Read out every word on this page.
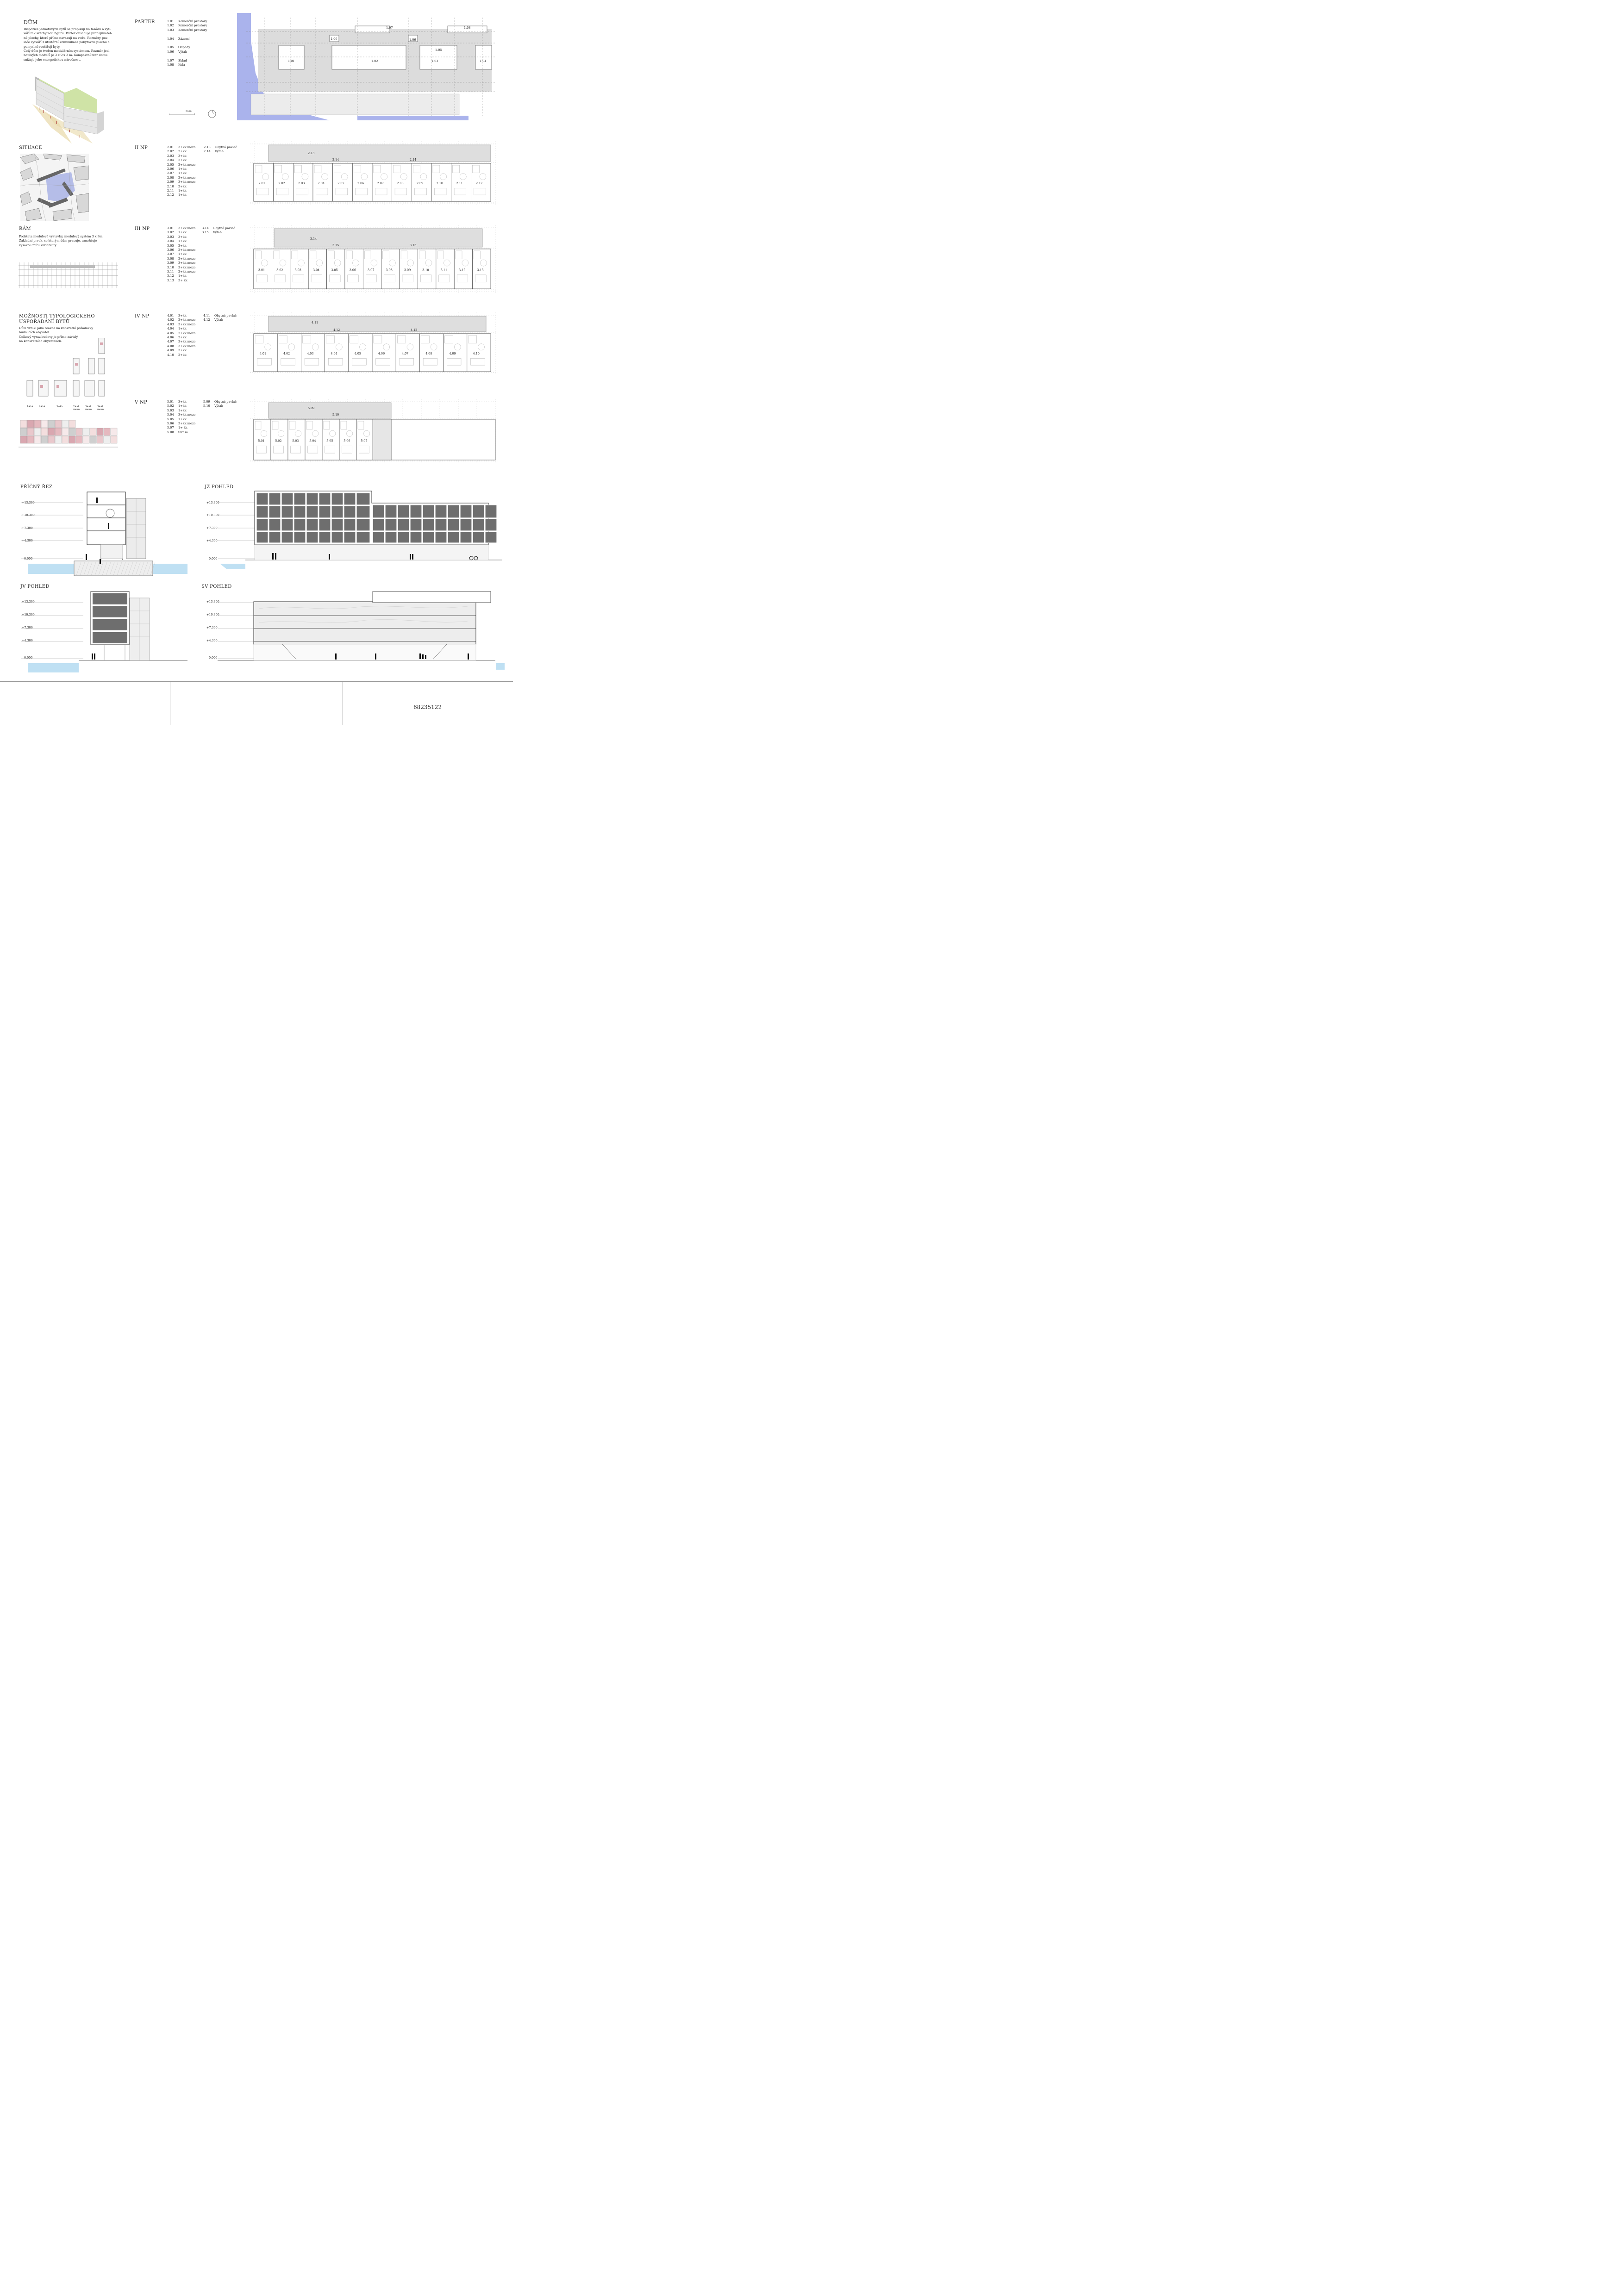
DŮM
Dispozice jednotlivých bytů se propisují na fasádu a vyt-
váří tak světbytnou figuru. Parter obsahuje pronajímatel-
né plochy, které přímo navazují na vodu. Rozměry pav-
lače vytváří z utilitární komunikace pobytovou plochu a
pomyslně rozšiřují byty.
Celý dům je tvořen modulárním systémem. Rozměr jed-
notlivých modulů je 3 x 9 x 3 m. Kompaktní tvar domu
snižuje jeho energetickou náročnost.
SITUACE
RÁM
Podstata modulové výstavby, modulový systém 3 x 9m.
Základní prvek, se kterým dům pracuje, umožňuje
vysokou míru variability.
MOŽNOSTI TYPOLOGICKÉHO
USPOŘÁDÁNÍ BYTŮ
Dům vznikl jako reakce na konkrétní požadavky
budoucích obyvatel.
Celkový výraz budovy je přímo závislý
na konkrétních obyvatelích.
1+kk 2+kk	3+kk	2+kk mezo
3+kk mezo
3+kk mezo
PARTER	1.01	Komerční prostory
1.02	Komerční prostory
1.03	Komerční prostory

1.04	Zázemí

1.05	Odpady
1.06	Výtah

1.07	Sklad
1.08	Kola
5000
II NP	2.01	3+kk mezo
2.02	2+kk
2.03	3+kk
2.04	2+kk
2.05	2+kk mezo
2.06	1+kk
2.07	1+kk
2.08	2+kk mezo
2.09	3+kk mezo
2.10	2+kk
2.11	1+kk
2.12	1+kk
2.13	Obytná pavlač
2.14	Výtah
III NP	3.01	3+kk mezo
3.02	1+kk
3.03	3+kk
3.04	1+kk
3.05	2+kk
3.06	2+kk mezo
3.07	1+kk
3.08	2+kk mezo
3.09	3+kk mezo
3.10	3+kk mezo
3.11	2+kk mezo
3.12	1+kk
3.13	3+ kk
3.14	Obytná pavlač
3.15	Výtah
IV NP	4.01	3+kk
4.02	2+kk mezo
4.03	3+kk mezo
4.04	1+kk
4.05	2+kk mezo
4.06	2+kk
4.07	3+kk mezo
4.08	3+kk mezo
4.09	3+kk
4.10	2+kk
4.11	Obytná pavlač
4.12	Výtah
V NP	5.01	3+kk
5.02	1+kk
5.03	1+kk
5.04	3+kk mezo
5.05	1+kk
5.06	3+kk mezo
5.07	1+ kk
5.08	terasa
5.09	Obytná pavlač
5.10	Výtah
1.01	1.02	1.03	1.04
1.05
1.06	1.06
1.07	1.08
2.01	2.02	2.03	2.04	2.05	2.06	2.07	2.08	2.09	2.10	2.11	2.12
2.13
2.14	2.14
3.01	3.02	3.03	3.04	3.05	3.06	3.07	3.08	3.09	3.10	3.11	3.12	3.13
3.14
3.15	3.15
4.01	4.02	4.03	4.04	4.05	4.06	4.07	4.08	4.09	4.10
4.11
4.12	4.12
5.01	5.02	5.03	5.04	5.05	5.06	5.07
5.09
5.10
PŘÍČNÝ ŘEZ	JZ POHLED
JV POHLED	SV POHLED
+13.300
+10.300
+7.300
+4.300
0.000
+13.300
+10.300
+7.300
+4.300
0.000
+13.300
+10.300
+7.300
+4.300
0.000
+13.300
+10.300
+7.300
+4.300
0.000
68235122
